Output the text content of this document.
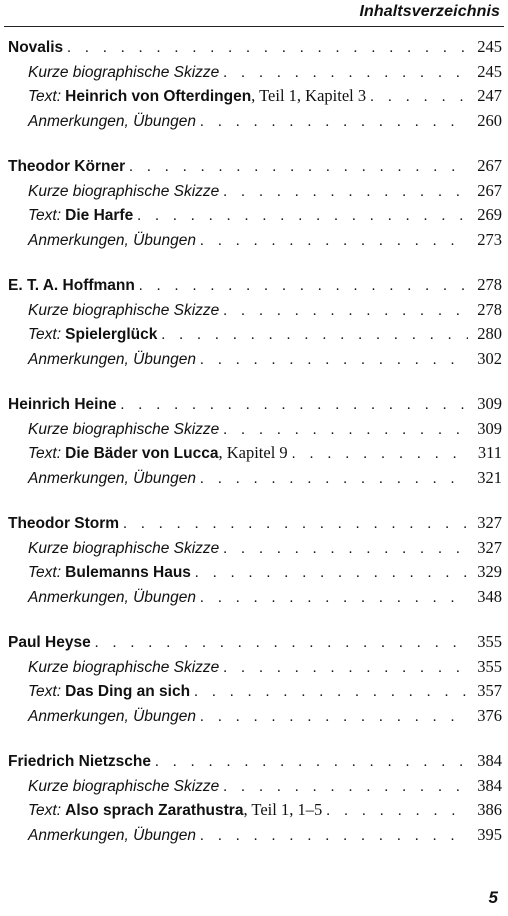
Inhaltsverzeichnis
Novalis . . .	245
Kurze biographische Skizze . . .	245
Text: Heinrich von Ofterdingen, Teil 1, Kapitel 3 . . .	247
Anmerkungen, Übungen . . .	260
Theodor Körner . . .	267
Kurze biographische Skizze . . .	267
Text: Die Harfe . . .	269
Anmerkungen, Übungen . . .	273
E. T. A. Hoffmann . . .	278
Kurze biographische Skizze . . .	278
Text: Spielerglück . . .	280
Anmerkungen, Übungen . . .	302
Heinrich Heine . . .	309
Kurze biographische Skizze . . .	309
Text: Die Bäder von Lucca, Kapitel 9 . . .	311
Anmerkungen, Übungen . . .	321
Theodor Storm . . .	327
Kurze biographische Skizze . . .	327
Text: Bulemanns Haus . . .	329
Anmerkungen, Übungen . . .	348
Paul Heyse . . .	355
Kurze biographische Skizze . . .	355
Text: Das Ding an sich . . .	357
Anmerkungen, Übungen . . .	376
Friedrich Nietzsche . . .	384
Kurze biographische Skizze . . .	384
Text: Also sprach Zarathustra, Teil 1, 1–5 . . .	386
Anmerkungen, Übungen . . .	395
5
